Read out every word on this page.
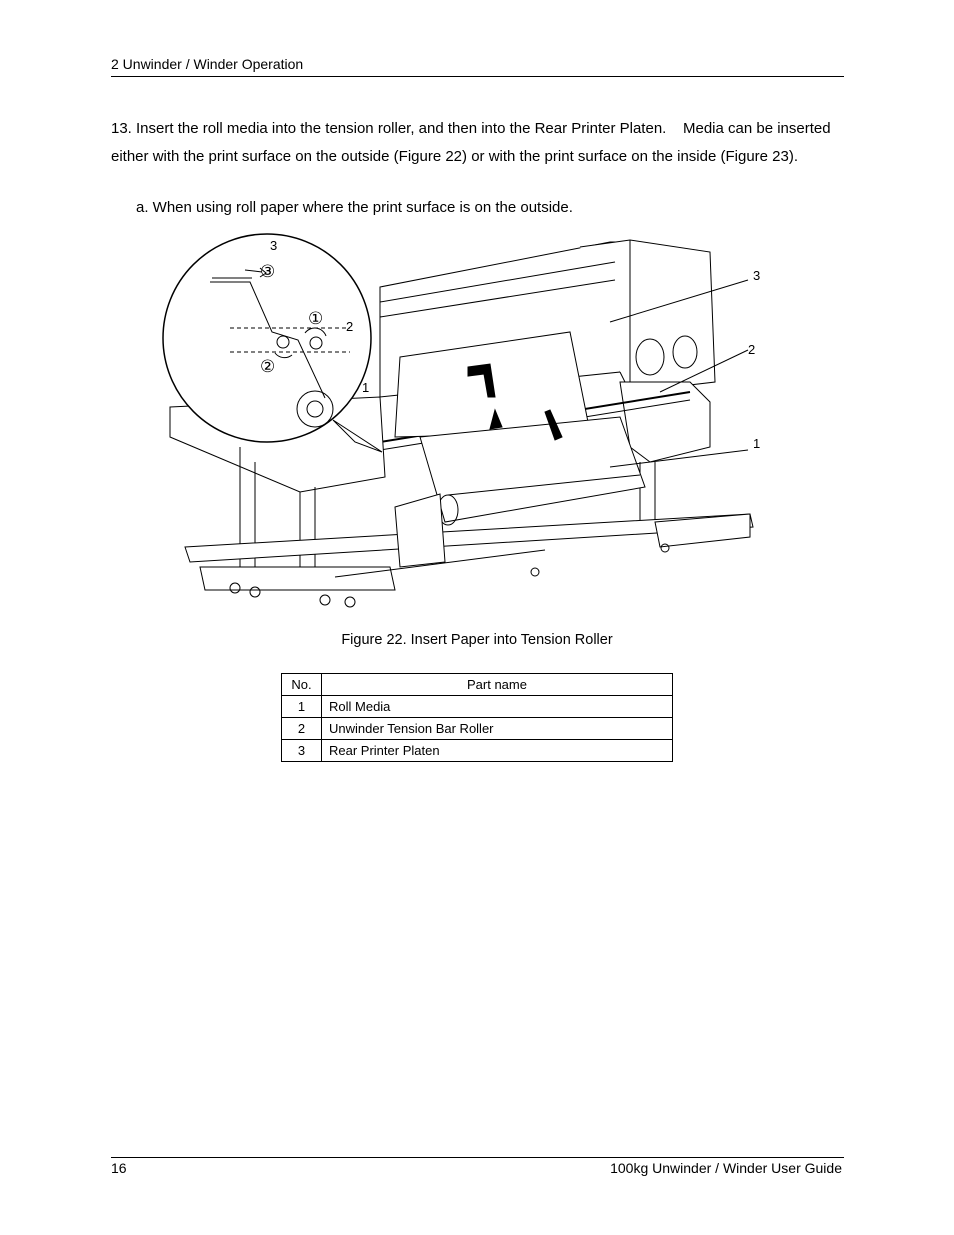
2 Unwinder / Winder Operation
13. Insert the roll media into the tension roller, and then into the Rear Printer Platen.    Media can be inserted either with the print surface on the outside (Figure 22) or with the print surface on the inside (Figure 23).
a. When using roll paper where the print surface is on the outside.
3
2
1
3
2
1
③
①
②
Figure 22. Insert Paper into Tension Roller
No.	Part name
1	Roll Media
2	Unwinder Tension Bar Roller
3	Rear Printer Platen
16	100kg Unwinder / Winder User Guide
